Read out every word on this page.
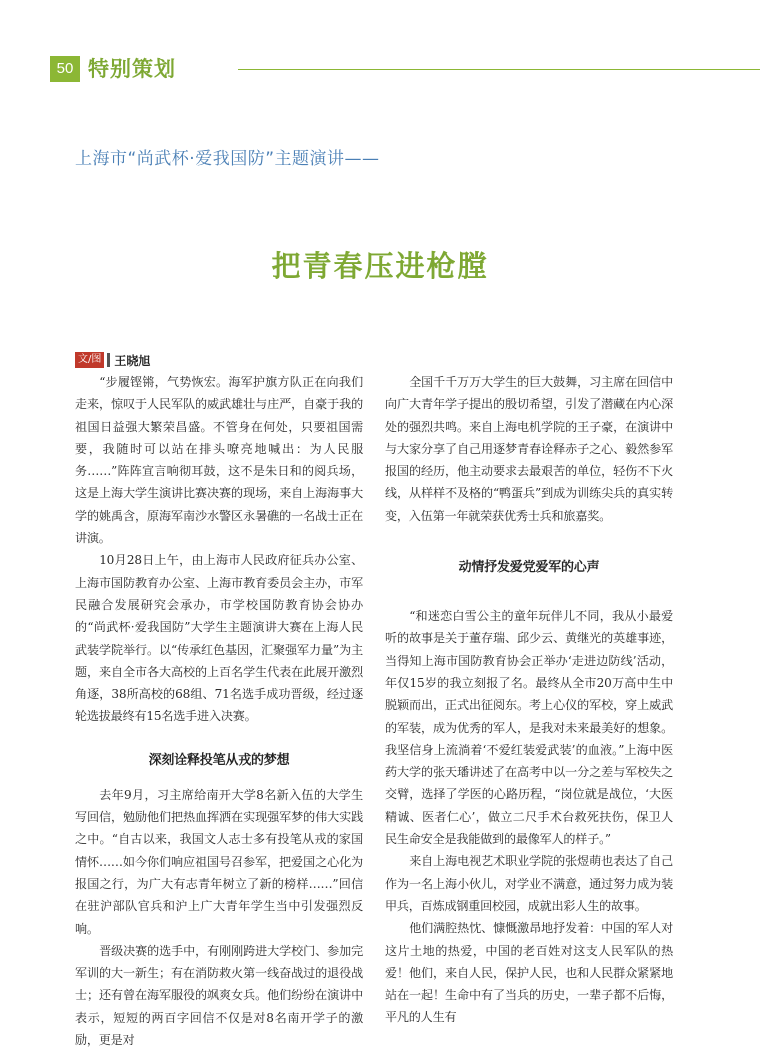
50 特别策划
上海市“尚武杯·爱我国防”主题演讲——
把青春压进枪膛
文/图 王晓旭

“步履铿锵，气势恢宏。海军护旗方队正在向我们走来，惊叹于人民军队的威武雄壮与庄严，自豪于我的祖国日益强大繁荣昌盛。不管身在何处，只要祖国需要，我随时可以站在排头嘹亮地喊出：为人民服务……”阵阵宣言响彻耳鼓，这不是朱日和的阅兵场，这是上海大学生演讲比赛决赛的现场，来自上海海事大学的姚禹含，原海军南沙水警区永暑礁的一名战士正在讲演。

10月28日上午，由上海市人民政府征兵办公室、上海市国防教育办公室、上海市教育委员会主办，市军民融合发展研究会承办，市学校国防教育协会协办的“尚武杯·爱我国防”大学生主题演讲大赛在上海人民武装学院举行。以“传承红色基因，汇聚强军力量”为主题，来自全市各大高校的上百名学生代表在此展开激烈角逐，38所高校的68组、71名选手成功晋级，经过逐轮选拔最终有15名选手进入决赛。

深刻诠释投笔从戎的梦想

去年9月，习主席给南开大学8名新入伍的大学生写回信，勉励他们把热血挥洒在实现强军梦的伟大实践之中。“自古以来，我国文人志士多有投笔从戎的家国情怀……如今你们响应祖国号召参军，把爱国之心化为报国之行，为广大有志青年树立了新的榜样……”回信在驻沪部队官兵和沪上广大青年学生当中引发强烈反响。

晋级决赛的选手中，有刚刚跨进大学校门、参加完军训的大一新生；有在消防救火第一线奋战过的退役战士；还有曾在海军服役的飒爽女兵。他们纷纷在演讲中表示，短短的两百字回信不仅是对8名南开学子的激励，更是对

全国千千万万大学生的巨大鼓舞，习主席在回信中向广大青年学子提出的殷切希望，引发了潜藏在内心深处的强烈共鸣。来自上海电机学院的王子豪，在演讲中与大家分享了自己用逐梦青春诠释赤子之心、毅然参军报国的经历，他主动要求去最艰苦的单位，轻伤不下火线，从样样不及格的“鸭蛋兵”到成为训练尖兵的真实转变，入伍第一年就荣获优秀士兵和旅嘉奖。

动情抒发爱党爱军的心声

“和迷恋白雪公主的童年玩伴儿不同，我从小最爱听的故事是关于董存瑞、邱少云、黄继光的英雄事迹，当得知上海市国防教育协会正举办‘走进边防线’活动，年仅15岁的我立刻报了名。最终从全市20万高中生中脱颖而出，正式出征阅东。考上心仪的军校，穿上威武的军装，成为优秀的军人，是我对未来最美好的想象。我坚信身上流淌着‘不爱红装爱武装’的血液。”上海中医药大学的张天璠讲述了在高考中以一分之差与军校失之交臂，选择了学医的心路历程，“岗位就是战位，‘大医精诚、医者仁心’，做立二尺手术台救死扶伤，保卫人民生命安全是我能做到的最像军人的样子。”

来自上海电视艺术职业学院的张煜萌也表达了自己作为一名上海小伙儿，对学业不满意，通过努力成为装甲兵，百炼成钢重回校园，成就出彩人生的故事。

他们满腔热忱、慷慨激昂地抒发着：中国的军人对这片土地的热爱，中国的老百姓对这支人民军队的热爱！他们，来自人民，保护人民，也和人民群众紧紧地站在一起！生命中有了当兵的历史，一辈子都不后悔，平凡的人生有
